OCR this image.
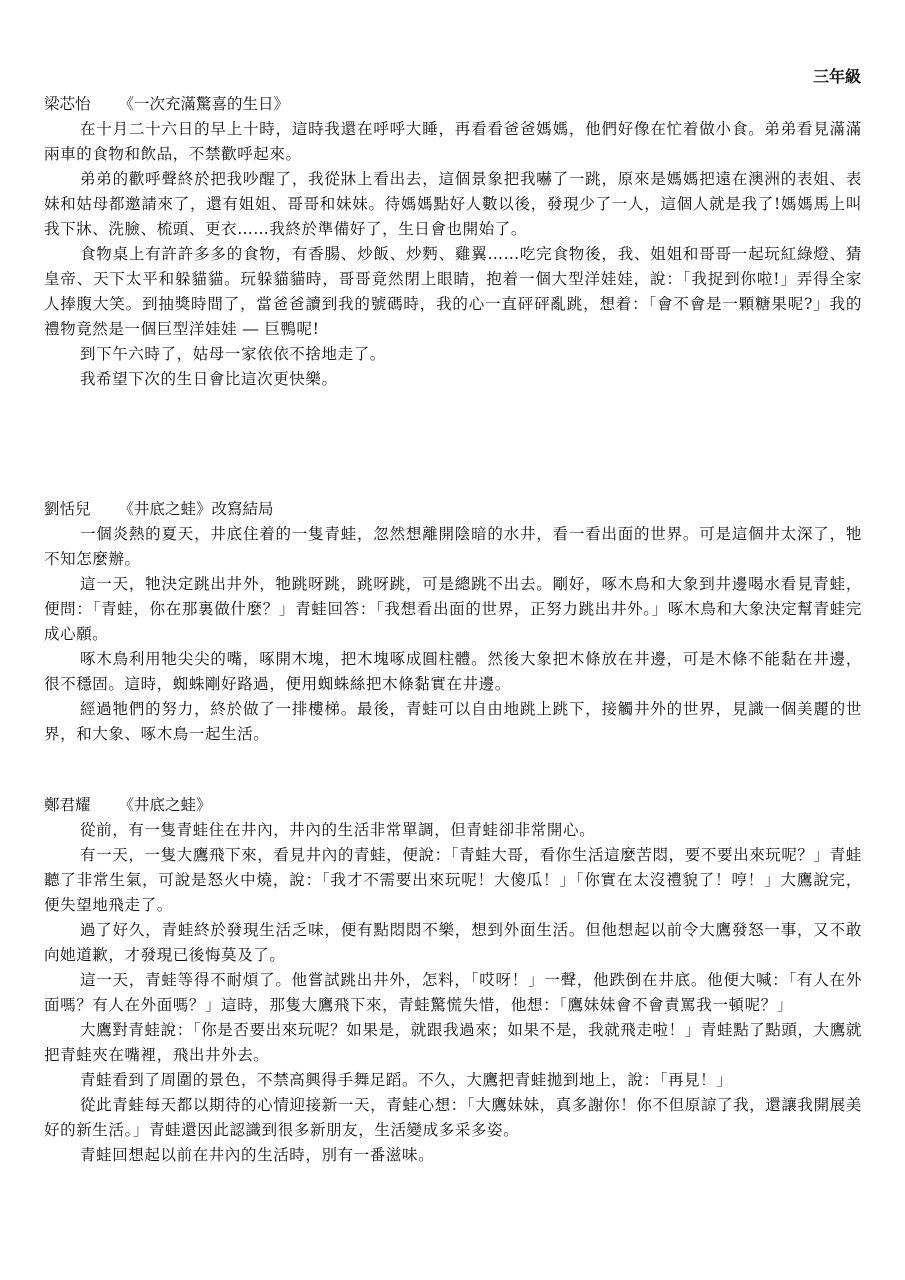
三年級
梁芯怡 《一次充滿驚喜的生日》

在十月二十六日的早上十時，這時我還在呼呼大睡，再看看爸爸媽媽，他們好像在忙着做小食。弟弟看見滿滿兩車的食物和飲品，不禁歡呼起來。

弟弟的歡呼聲終於把我吵醒了，我從牀上看出去，這個景象把我嚇了一跳，原來是媽媽把遠在澳洲的表姐、表妹和姑母都邀請來了，還有姐姐、哥哥和妹妹。待媽媽點好人數以後，發現少了一人，這個人就是我了!媽媽馬上叫我下牀、洗臉、梳頭、更衣……我終於準備好了，生日會也開始了。

食物桌上有許許多多的食物，有香腸、炒飯、炒麪、雞翼……吃完食物後，我、姐姐和哥哥一起玩紅綠燈、猜皇帝、天下太平和躲貓貓。玩躲貓貓時，哥哥竟然閉上眼睛，抱着一個大型洋娃娃，說：「我捉到你啦!」弄得全家人捧腹大笑。到抽獎時間了，當爸爸讀到我的號碼時，我的心一直砰砰亂跳，想着：「會不會是一顆糖果呢?」我的禮物竟然是一個巨型洋娃娃 ― 巨鴨呢!

到下午六時了，姑母一家依依不捨地走了。

我希望下次的生日會比這次更快樂。

劉恬兒 《井底之蛙》改寫結局

一個炎熱的夏天，井底住着的一隻青蛙，忽然想離開陰暗的水井，看一看出面的世界。可是這個井太深了，牠不知怎麼辦。

這一天，牠決定跳出井外，牠跳呀跳，跳呀跳，可是總跳不出去。剛好，啄木鳥和大象到井邊喝水看見青蛙，便問：「青蛙，你在那裏做什麼？」青蛙回答：「我想看出面的世界，正努力跳出井外。」啄木鳥和大象決定幫青蛙完成心願。

啄木鳥利用牠尖尖的嘴，啄開木塊，把木塊啄成圓柱體。然後大象把木條放在井邊，可是木條不能黏在井邊，很不穩固。這時，蜘蛛剛好路過，便用蜘蛛絲把木條黏實在井邊。

經過牠們的努力，終於做了一排樓梯。最後，青蛙可以自由地跳上跳下，接觸井外的世界，見識一個美麗的世界，和大象、啄木鳥一起生活。

鄭君耀 《井底之蛙》

從前，有一隻青蛙住在井內，井內的生活非常單調，但青蛙卻非常開心。

有一天，一隻大鷹飛下來，看見井內的青蛙，便說：「青蛙大哥，看你生活這麼苦悶，要不要出來玩呢？」青蛙聽了非常生氣，可說是怒火中燒，說：「我才不需要出來玩呢！大傻瓜！」「你實在太沒禮貌了！哼！」大鷹說完，便失望地飛走了。

過了好久，青蛙終於發現生活乏味，便有點悶悶不樂，想到外面生活。但他想起以前令大鷹發怒一事，又不敢向她道歉，才發現已後悔莫及了。

這一天，青蛙等得不耐煩了。他嘗試跳出井外，怎料，「哎呀！」一聲，他跌倒在井底。他便大喊：「有人在外面嗎？有人在外面嗎？」這時，那隻大鷹飛下來，青蛙驚慌失惜，他想：「鷹妹妹會不會責罵我一頓呢？」

大鷹對青蛙說：「你是否要出來玩呢？如果是，就跟我過來；如果不是，我就飛走啦！」青蛙點了點頭，大鷹就把青蛙夾在嘴裡，飛出井外去。

青蛙看到了周圍的景色，不禁高興得手舞足蹈。不久，大鷹把青蛙拋到地上，說：「再見！」

從此青蛙每天都以期待的心情迎接新一天，青蛙心想：「大鷹妹妹，真多謝你！你不但原諒了我，還讓我開展美好的新生活。」青蛙還因此認識到很多新朋友，生活變成多采多姿。

青蛙回想起以前在井內的生活時，別有一番滋味。
